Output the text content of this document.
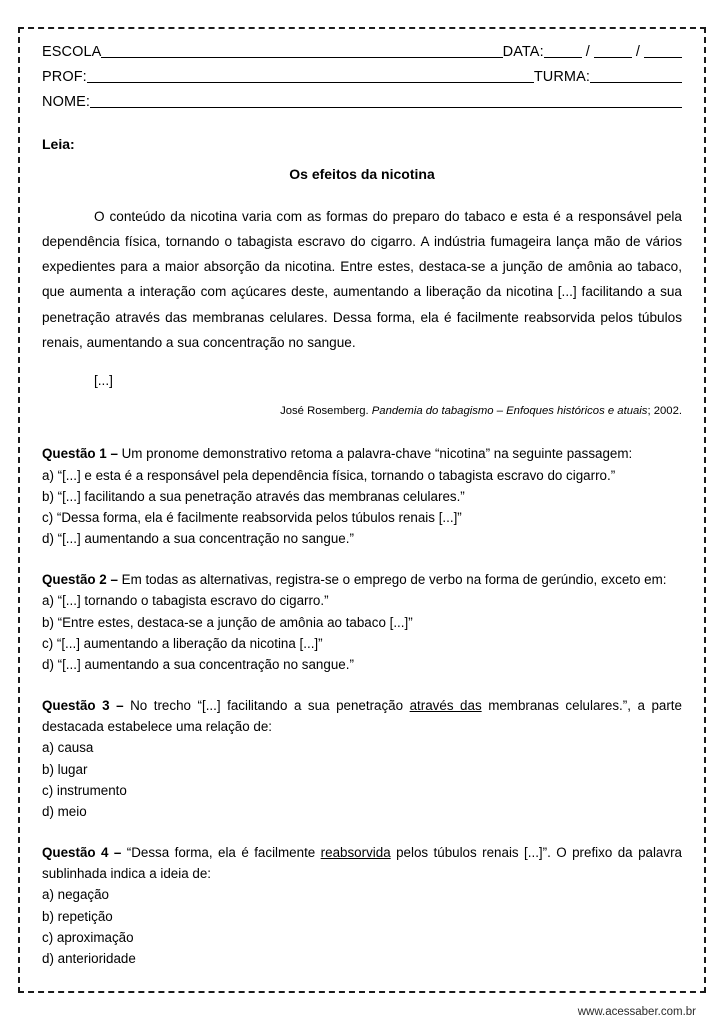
ESCOLA	DATA:	/	/
PROF:	TURMA:
NOME:
Leia:
Os efeitos da nicotina

O conteúdo da nicotina varia com as formas do preparo do tabaco e esta é a responsável pela dependência física, tornando o tabagista escravo do cigarro. A indústria fumageira lança mão de vários expedientes para a maior absorção da nicotina. Entre estes, destaca-se a junção de amônia ao tabaco, que aumenta a interação com açúcares deste, aumentando a liberação da nicotina [...] facilitando a sua penetração através das membranas celulares. Dessa forma, ela é facilmente reabsorvida pelos túbulos renais, aumentando a sua concentração no sangue.

[...]
José Rosemberg. Pandemia do tabagismo – Enfoques históricos e atuais; 2002.

Questão 1 – Um pronome demonstrativo retoma a palavra-chave “nicotina” na seguinte passagem:

a) “[...] e esta é a responsável pela dependência física, tornando o tabagista escravo do cigarro.”

b) “[...] facilitando a sua penetração através das membranas celulares.”

c) “Dessa forma, ela é facilmente reabsorvida pelos túbulos renais [...]”

d) “[...] aumentando a sua concentração no sangue.”

Questão 2 – Em todas as alternativas, registra-se o emprego de verbo na forma de gerúndio, exceto em:

a) “[...] tornando o tabagista escravo do cigarro.”

b) “Entre estes, destaca-se a junção de amônia ao tabaco [...]”

c) “[...] aumentando a liberação da nicotina [...]”

d) “[...] aumentando a sua concentração no sangue.”

Questão 3 – No trecho “[...] facilitando a sua penetração através das membranas celulares.”, a parte destacada estabelece uma relação de:

a) causa

b) lugar

c) instrumento

d) meio

Questão 4 – “Dessa forma, ela é facilmente reabsorvida pelos túbulos renais [...]”. O prefixo da palavra sublinhada indica a ideia de:

a) negação

b) repetição

c) aproximação

d) anterioridade

www.acessaber.com.br
